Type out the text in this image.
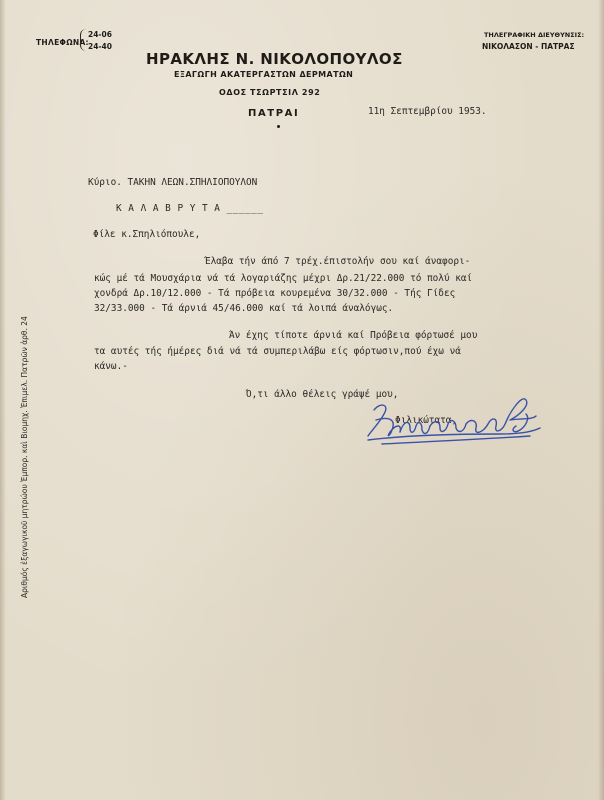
ΤΗΛΕΦΩΝΑ:
24-06
24-40
ΤΗΛΕΓΡΑΦΙΚΗ ΔΙΕΥΘΥΝΣΙΣ:
ΝΙΚΟΛΑΣΟΝ - ΠΑΤΡΑΣ
ΗΡΑΚΛΗΣ Ν. ΝΙΚΟΛΟΠΟΥΛΟΣ
ΕΞΑΓΩΓΗ ΑΚΑΤΕΡΓΑΣΤΩΝ ΔΕΡΜΑΤΩΝ
ΟΔΟΣ ΤΣΩΡΤΣΙΛ 292
ΠΑΤΡΑΙ	11η Σεπτεμβρίου 1953.
Αριθμός ἐξαγωγικοῦ μητρώου Ἐμπορ. καὶ Βιομηχ. Ἐπιμελ. Πατρῶν ἀρθ. 24
Κύριο. ΤΑΚΗΝ ΛΕΩΝ.ΣΠΗΛΙΟΠΟΥΛΟΝ
Κ Α Λ Α Β Ρ Υ Τ Α ______
Φίλε κ.Σπηλιόπουλε,
Έλαβα τήν άπό 7 τρέχ.έπιστολήν σου καί άναφορι-
κώς μέ τά Μουσχάρια νά τά λογαριάζης μέχρι Δρ.21/22.000 τό πολύ καί
χονδρά Δρ.10/12.000 - Τά πρόβεια κουρεμένα 30/32.000 - Τής Γίδες
32/33.000 - Τά άρνιά 45/46.000 καί τά λοιπά άναλόγως.
Άν έχης τίποτε άρνιά καί Πρόβεια φόρτωσέ μου
τα αυτές τής ήμέρες διά νά τά συμπεριλάβω είς φόρτωσιν,πού έχω νά
κάνω.-
Ό,τι άλλο θέλεις γράψέ μου,
Φιλικώτατα,
